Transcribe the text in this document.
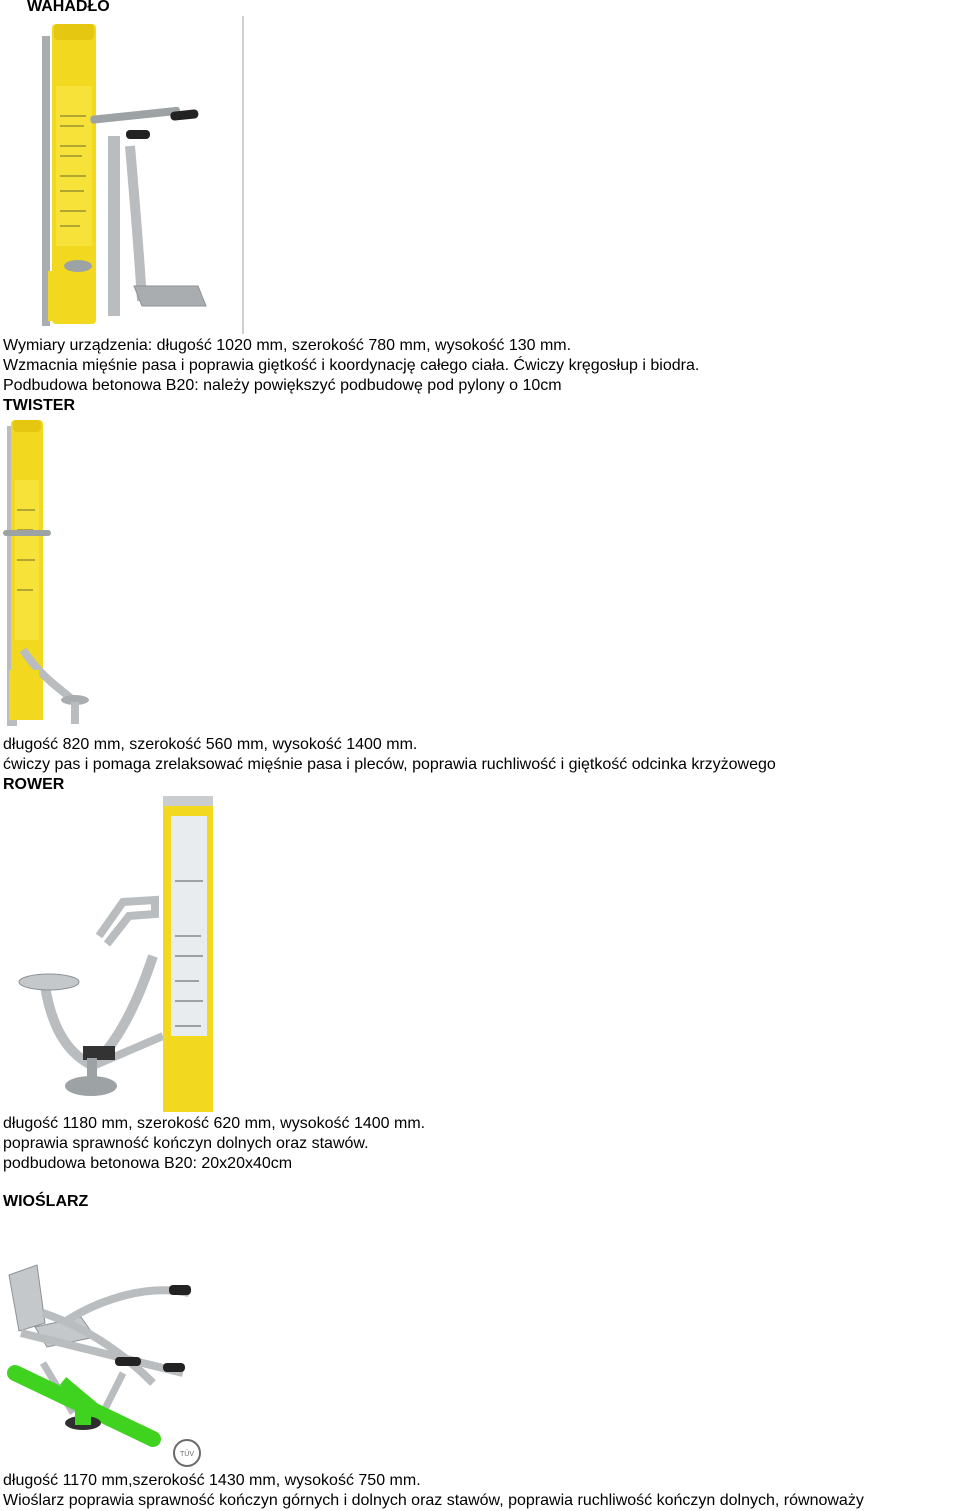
WAHADŁO
Wymiary urządzenia: długość 1020 mm, szerokość 780 mm, wysokość 130 mm.
Wzmacnia mięśnie pasa i poprawia giętkość i koordynację całego ciała. Ćwiczy kręgosłup i biodra.
Podbudowa betonowa B20: należy powiększyć podbudowę pod pylony o 10cm
TWISTER
długość 820 mm, szerokość 560 mm, wysokość 1400 mm.
ćwiczy pas i pomaga zrelaksować mięśnie pasa i pleców, poprawia ruchliwość i giętkość odcinka krzyżowego
ROWER
długość 1180 mm, szerokość 620 mm, wysokość 1400 mm.
poprawia sprawność kończyn dolnych oraz stawów.
podbudowa betonowa B20: 20x20x40cm
WIOŚLARZ
TÜV
długość 1170 mm,szerokość 1430 mm, wysokość 750 mm.
Wioślarz poprawia sprawność kończyn górnych i dolnych oraz stawów, poprawia ruchliwość kończyn dolnych, równoważy
